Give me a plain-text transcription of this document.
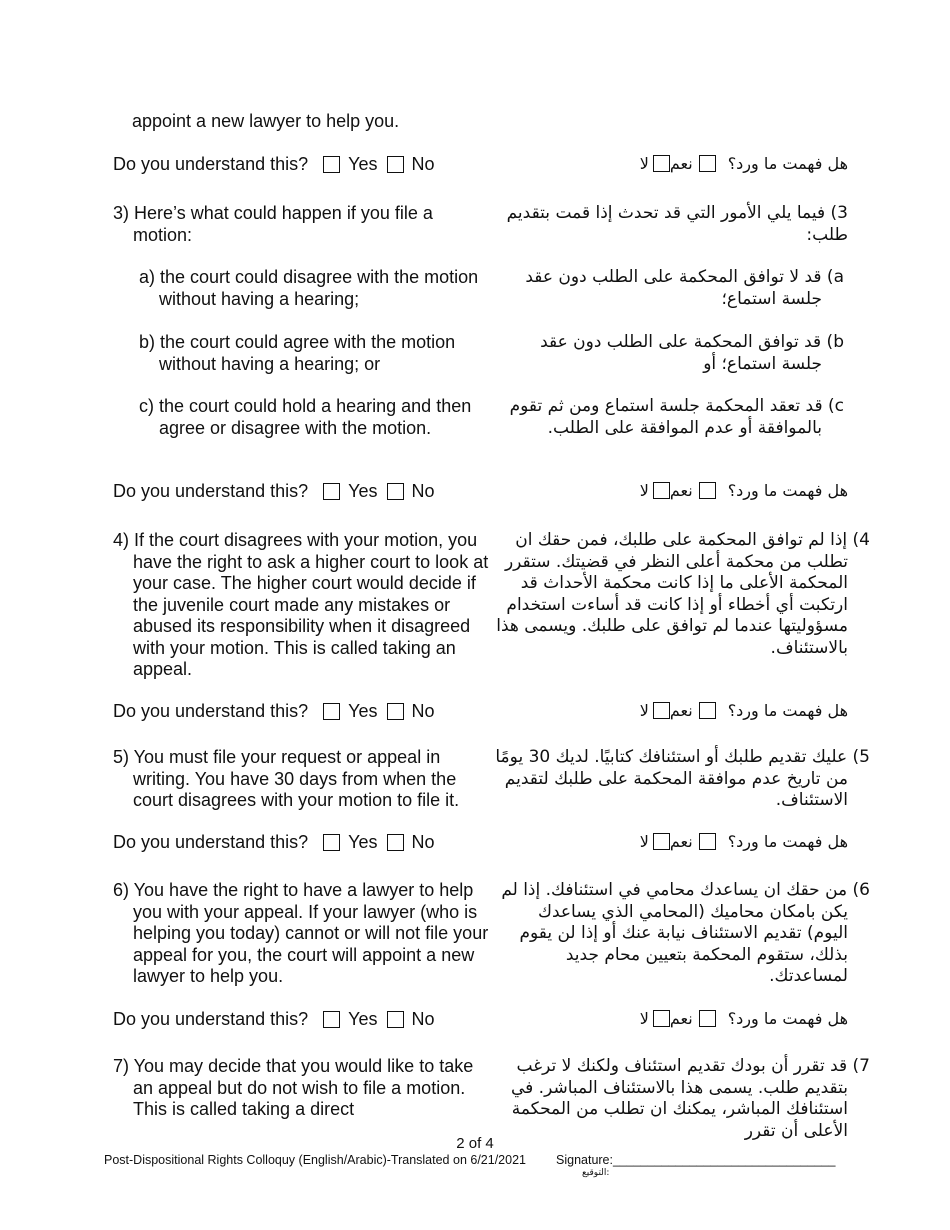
appoint a new lawyer to help you.
Do you understand this? Yes No	هل فهمت ما ورد؟
نعم
لا
3) Here’s what could happen if you file a motion:
3) فيما يلي الأمور التي قد تحدث إذا قمت بتقديم طلب:
a) the court could disagree with the motion without having a hearing;
a) قد لا توافق المحكمة على الطلب دون عقد جلسة استماع؛
b) the court could agree with the motion without having a hearing; or
b) قد توافق المحكمة على الطلب دون عقد جلسة استماع؛ أو
c) the court could hold a hearing and then agree or disagree with the motion.
c) قد تعقد المحكمة جلسة استماع ومن ثم تقوم بالموافقة أو عدم الموافقة على الطلب.
Do you understand this? Yes No	هل فهمت ما ورد؟
نعم
لا
4) If the court disagrees with your motion, you have the right to ask a higher court to look at your case. The higher court would decide if the juvenile court made any mistakes or abused its responsibility when it disagreed with your motion. This is called taking an appeal.
4) إذا لم توافق المحكمة على طلبك، فمن حقك ان تطلب من محكمة أعلى النظر في قضيتك. ستقرر المحكمة الأعلى ما إذا كانت محكمة الأحداث قد ارتكبت أي أخطاء أو إذا كانت قد أساءت استخدام مسؤوليتها عندما لم توافق على طلبك. ويسمى هذا بالاستئناف.
Do you understand this? Yes No	هل فهمت ما ورد؟
نعم
لا
5) You must file your request or appeal in writing. You have 30 days from when the court disagrees with your motion to file it.
5) عليك تقديم طلبك أو استئنافك كتابيًا. لديك 30 يومًا من تاريخ عدم موافقة المحكمة على طلبك لتقديم الاستئناف.
Do you understand this? Yes No	هل فهمت ما ورد؟
نعم
لا
6) You have the right to have a lawyer to help you with your appeal. If your lawyer (who is helping you today) cannot or will not file your appeal for you, the court will appoint a new lawyer to help you.
6) من حقك ان يساعدك محامي في استئنافك. إذا لم يكن بامكان محاميك (المحامي الذي يساعدك اليوم) تقديم الاستئناف نيابة عنك أو إذا لن يقوم بذلك، ستقوم المحكمة بتعيين محام جديد لمساعدتك.
Do you understand this? Yes No	هل فهمت ما ورد؟
نعم
لا
7) You may decide that you would like to take an appeal but do not wish to file a motion. This is called taking a direct
7) قد تقرر أن بودك تقديم استئناف ولكنك لا ترغب بتقديم طلب. يسمى هذا بالاستئناف المباشر. في استئنافك المباشر، يمكنك ان تطلب من المحكمة الأعلى أن تقرر
2 of 4
Post-Dispositional Rights Colloquy (English/Arabic)-Translated on 6/21/2021 Signature:________________________________
التوقيع:
